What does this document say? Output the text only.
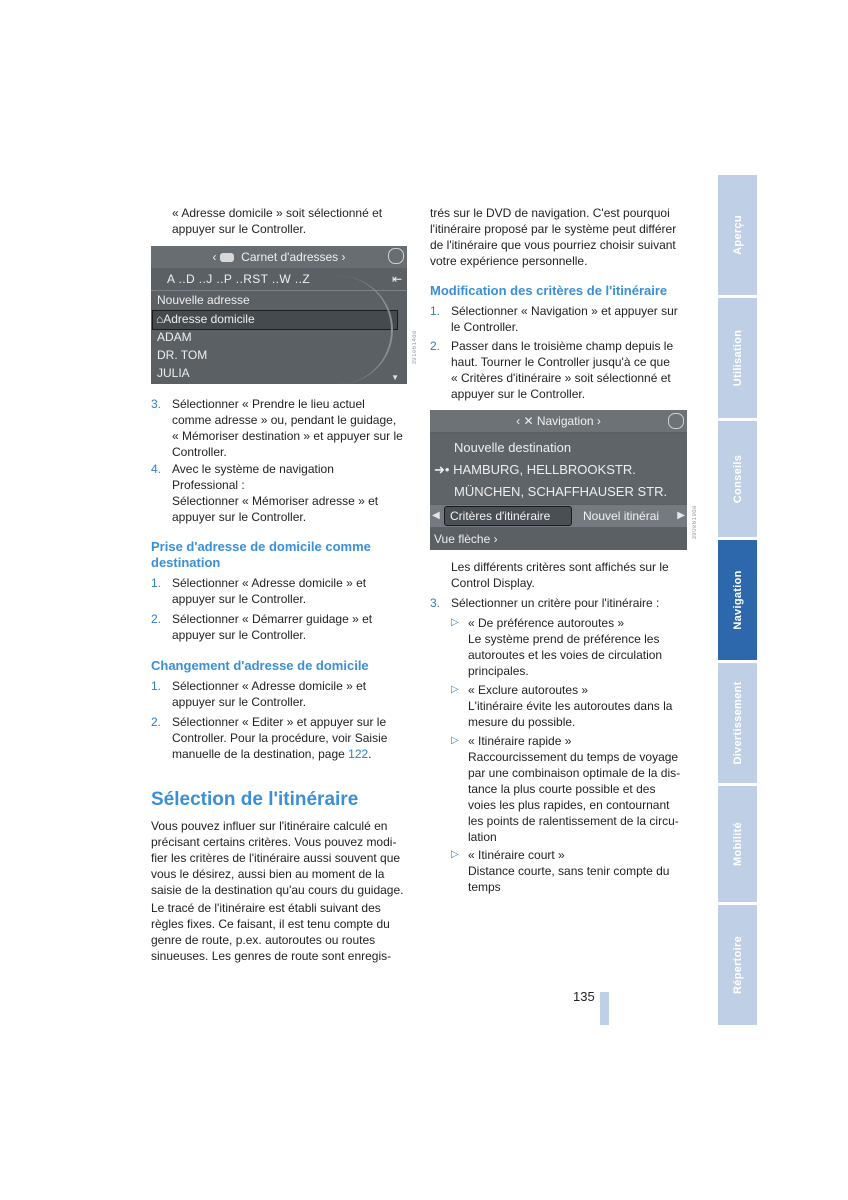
« Adresse domicile » soit sélectionné et

appuyer sur le Controller.

‹  Carnet d'adresses ›
A ..D ..J ..P ..RST ..W ..Z	⇤
Nouvelle adresse
⌂Adresse domicile
ADAM
DR. TOM
JULIA	▼
391e614de
3. Sélectionner « Prendre le lieu actuel

comme adresse » ou, pendant le guidage,

« Mémoriser destination » et appuyer sur le

Controller.

4. Avec le système de navigation

Professional :

Sélectionner « Mémoriser adresse » et

appuyer sur le Controller.

Prise d'adresse de domicile comme

destination

1. Sélectionner « Adresse domicile » et

appuyer sur le Controller.

2. Sélectionner « Démarrer guidage » et

appuyer sur le Controller.

Changement d'adresse de domicile

1. Sélectionner « Adresse domicile » et

appuyer sur le Controller.

2. Sélectionner « Editer » et appuyer sur le

Controller. Pour la procédure, voir Saisie

manuelle de la destination, page 122.

Sélection de l'itinéraire

Vous pouvez influer sur l'itinéraire calculé en

précisant certains critères. Vous pouvez modi-

fier les critères de l'itinéraire aussi souvent que

vous le désirez, aussi bien au moment de la

saisie de la destination qu'au cours du guidage.

Le tracé de l'itinéraire est établi suivant des

règles fixes. Ce faisant, il est tenu compte du

genre de route, p.ex. autoroutes ou routes

sinueuses. Les genres de route sont enregis-

trés sur le DVD de navigation. C'est pourquoi

l'itinéraire proposé par le système peut différer

de l'itinéraire que vous pourriez choisir suivant

votre expérience personnelle.

Modification des critères de l'itinéraire

1. Sélectionner « Navigation » et appuyer sur

le Controller.

2. Passer dans le troisième champ depuis le

haut. Tourner le Controller jusqu'à ce que

« Critères d'itinéraire » soit sélectionné et

appuyer sur le Controller.

‹ ✕ Navigation ›
Nouvelle destination
➜• HAMBURG, HELLBROOKSTR.
MÜNCHEN, SCHAFFHAUSER STR.
◀ Critères d'itinéraire	Nouvel itinérai ▶
Vue flèche ›	390e619de

Les différents critères sont affichés sur le

Control Display.

3. Sélectionner un critère pour l'itinéraire :

▷ « De préférence autoroutes »

Le système prend de préférence les

autoroutes et les voies de circulation

principales.

▷ « Exclure autoroutes »

L'itinéraire évite les autoroutes dans la

mesure du possible.

▷ « Itinéraire rapide »

Raccourcissement du temps de voyage

par une combinaison optimale de la dis-

tance la plus courte possible et des

voies les plus rapides, en contournant

les points de ralentissement de la circu-

lation

▷ « Itinéraire court »

Distance courte, sans tenir compte du

temps

135

Aperçu
Utilisation
Conseils
Navigation
Divertissement
Mobilité
Répertoire
